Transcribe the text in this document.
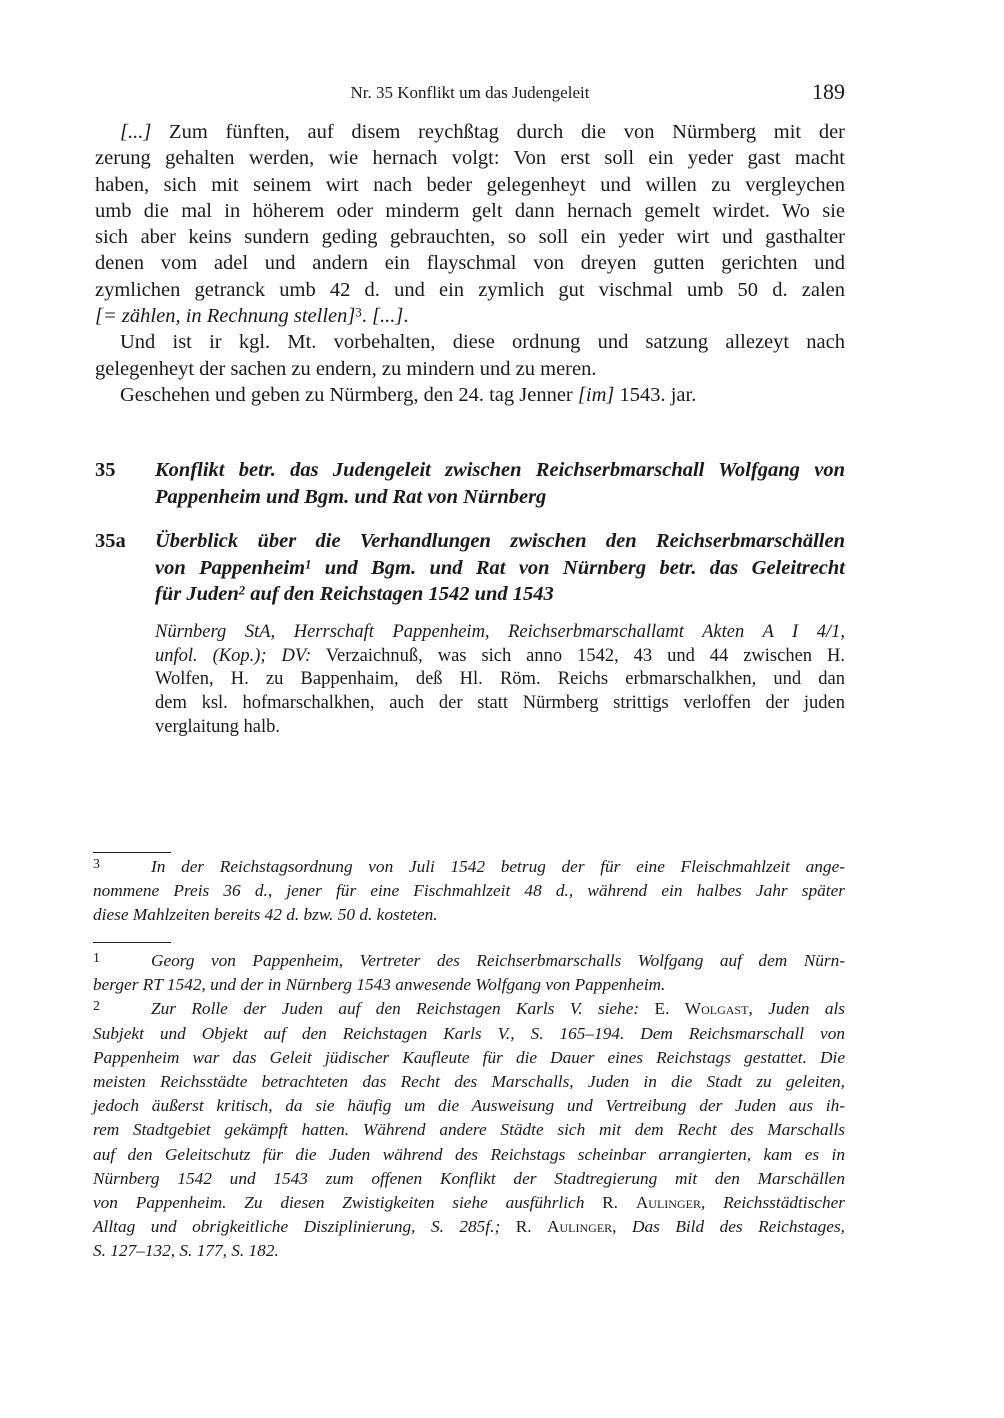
Nr. 35 Konflikt um das Judengeleit	189
[...] Zum fünften, auf disem reychßtag durch die von Nürmberg mit der
zerung gehalten werden, wie hernach volgt: Von erst soll ein yeder gast macht
haben, sich mit seinem wirt nach beder gelegenheyt und willen zu vergleychen
umb die mal in höherem oder minderm gelt dann hernach gemelt wirdet. Wo sie
sich aber keins sundern geding gebrauchten, so soll ein yeder wirt und gasthalter
denen vom adel und andern ein flayschmal von dreyen gutten gerichten und
zymlichen getranck umb 42 d. und ein zymlich gut vischmal umb 50 d. zalen
[= zählen, in Rechnung stellen]$^3$. [...].
Und ist ir kgl. Mt. vorbehalten, diese ordnung und satzung allezeyt nach
gelegenheyt der sachen zu endern, zu mindern und zu meren.
Geschehen und geben zu Nürmberg, den 24. tag Jenner [im] 1543. jar.
35 Konflikt betr. das Judengeleit zwischen Reichserbmarschall Wolfgang von
Pappenheim und Bgm. und Rat von Nürnberg
35a Überblick über die Verhandlungen zwischen den Reichserbmarschällen
von Pappenheim$^1$ und Bgm. und Rat von Nürnberg betr. das Geleitrecht
für Juden$^2$ auf den Reichstagen 1542 und 1543
Nürnberg StA, Herrschaft Pappenheim, Reichserbmarschallamt Akten A I 4/1,
unfol. (Kop.); DV: Verzaichnuß, was sich anno 1542, 43 und 44 zwischen H.
Wolfen, H. zu Bappenhaim, deß Hl. Röm. Reichs erbmarschalkhen, und dan
dem ksl. hofmarschalkhen, auch der statt Nürmberg strittigs verloffen der juden
verglaitung halb.
3	In der Reichstagsordnung von Juli 1542 betrug der für eine Fleischmahlzeit ange-
nommene Preis 36 d., jener für eine Fischmahlzeit 48 d., während ein halbes Jahr später
diese Mahlzeiten bereits 42 d. bzw. 50 d. kosteten.
1	Georg von Pappenheim, Vertreter des Reichserbmarschalls Wolfgang auf dem Nürn-
berger RT 1542, und der in Nürnberg 1543 anwesende Wolfgang von Pappenheim.
2	Zur Rolle der Juden auf den Reichstagen Karls V. siehe: E. Wolgast, Juden als
Subjekt und Objekt auf den Reichstagen Karls V., S. 165–194. Dem Reichsmarschall von
Pappenheim war das Geleit jüdischer Kaufleute für die Dauer eines Reichstags gestattet. Die
meisten Reichsstädte betrachteten das Recht des Marschalls, Juden in die Stadt zu geleiten,
jedoch äußerst kritisch, da sie häufig um die Ausweisung und Vertreibung der Juden aus ih-
rem Stadtgebiet gekämpft hatten. Während andere Städte sich mit dem Recht des Marschalls
auf den Geleitschutz für die Juden während des Reichstags scheinbar arrangierten, kam es in
Nürnberg 1542 und 1543 zum offenen Konflikt der Stadtregierung mit den Marschällen
von Pappenheim. Zu diesen Zwistigkeiten siehe ausführlich R. Aulinger, Reichsstädtischer
Alltag und obrigkeitliche Disziplinierung, S. 285f.; R. Aulinger, Das Bild des Reichstages,
S. 127–132, S. 177, S. 182.
